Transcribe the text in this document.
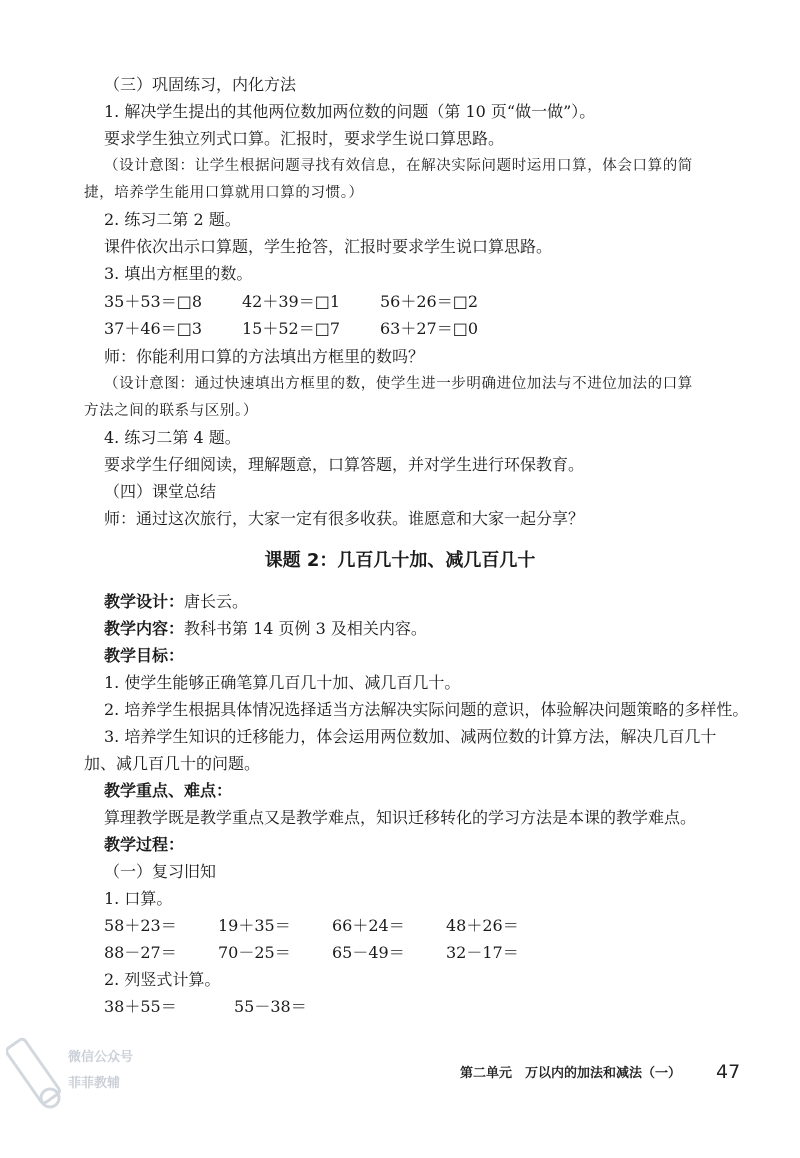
（三）巩固练习，内化方法
1. 解决学生提出的其他两位数加两位数的问题（第 10 页“做一做”）。
要求学生独立列式口算。汇报时，要求学生说口算思路。
（设计意图：让学生根据问题寻找有效信息，在解决实际问题时运用口算，体会口算的简
捷，培养学生能用口算就用口算的习惯。）
2. 练习二第 2 题。
课件依次出示口算题，学生抢答，汇报时要求学生说口算思路。
3. 填出方框里的数。
35＋53＝□8 42＋39＝□1 56＋26＝□2
37＋46＝□3 15＋52＝□7 63＋27＝□0
师：你能利用口算的方法填出方框里的数吗？
（设计意图：通过快速填出方框里的数，使学生进一步明确进位加法与不进位加法的口算
方法之间的联系与区别。）
4. 练习二第 4 题。
要求学生仔细阅读，理解题意，口算答题，并对学生进行环保教育。
（四）课堂总结
师：通过这次旅行，大家一定有很多收获。谁愿意和大家一起分享？
课题 2：几百几十加、减几百几十
教学设计：唐长云。
教学内容：教科书第 14 页例 3 及相关内容。
教学目标：
1. 使学生能够正确笔算几百几十加、减几百几十。
2. 培养学生根据具体情况选择适当方法解决实际问题的意识，体验解决问题策略的多样性。
3. 培养学生知识的迁移能力，体会运用两位数加、减两位数的计算方法，解决几百几十
加、减几百几十的问题。
教学重点、难点：
算理教学既是教学重点又是教学难点，知识迁移转化的学习方法是本课的教学难点。
教学过程：
（一）复习旧知
1. 口算。
58＋23＝	19＋35＝	66＋24＝	48＋26＝
88－27＝	70－25＝	65－49＝	32－17＝
2. 列竖式计算。
38＋55＝	55－38＝
微信公众号
菲菲教辅
第二单元　万以内的加法和减法（一） 47
